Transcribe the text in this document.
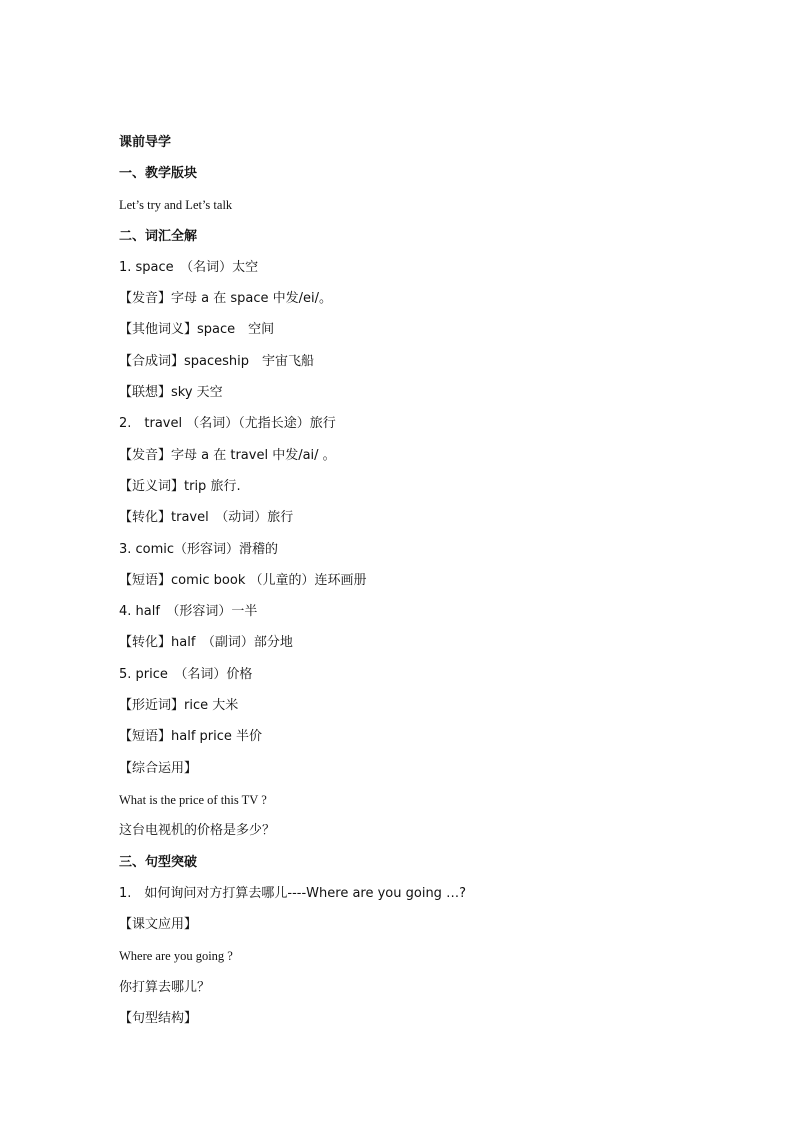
课前导学
一、教学版块
Let’s try and Let’s talk
二、词汇全解
1. space　（名词）太空
【发音】字母 a 在 space 中发/ei/。
【其他词义】space　空间
【合成词】spaceship　宇宙飞船
【联想】sky 天空
2.　travel （名词）（尤指长途）旅行
【发音】字母 a 在 travel 中发/ai/ 。
【近义词】trip 旅行.
【转化】travel　（动词）旅行
3. comic（形容词）滑稽的
【短语】comic book （儿童的）连环画册
4. half　（形容词）一半
【转化】half　（副词）部分地
5. price　（名词）价格
【形近词】rice 大米
【短语】half price 半价
【综合运用】
What is the price of this TV ?
这台电视机的价格是多少？
三、句型突破
1.　如何询问对方打算去哪儿----Where are you going …?
【课文应用】
Where are you going ?
你打算去哪儿？
【句型结构】
